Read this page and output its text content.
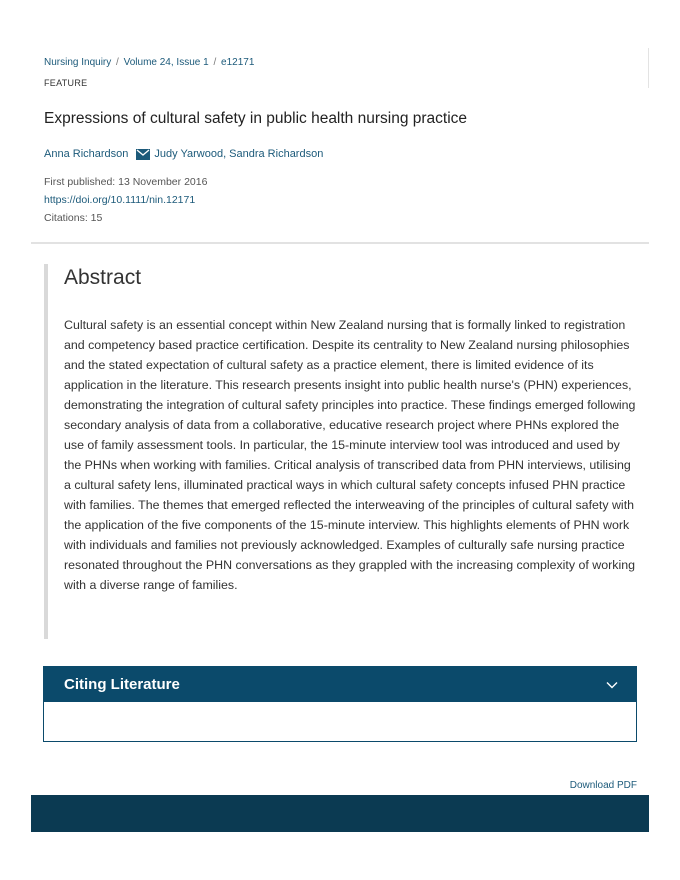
Nursing Inquiry / Volume 24, Issue 1 / e12171
FEATURE
Expressions of cultural safety in public health nursing practice
Anna Richardson Judy Yarwood , Sandra Richardson
First published: 13 November 2016
https://doi.org/10.1111/nin.12171
Citations: 15
Abstract

Cultural safety is an essential concept within New Zealand nursing that is formally linked to registration and competency based practice certification. Despite its centrality to New Zealand nursing philosophies and the stated expectation of cultural safety as a practice element, there is limited evidence of its application in the literature. This research presents insight into public health nurse's (PHN) experiences, demonstrating the integration of cultural safety principles into practice. These findings emerged following secondary analysis of data from a collaborative, educative research project where PHNs explored the use of family assessment tools. In particular, the 15-minute interview tool was introduced and used by the PHNs when working with families. Critical analysis of transcribed data from PHN interviews, utilising a cultural safety lens, illuminated practical ways in which cultural safety concepts infused PHN practice with families. The themes that emerged reflected the interweaving of the principles of cultural safety with the application of the five components of the 15-minute interview. This highlights elements of PHN work with individuals and families not previously acknowledged. Examples of culturally safe nursing practice resonated throughout the PHN conversations as they grappled with the increasing complexity of working with a diverse range of families.

Citing Literature
Download PDF
